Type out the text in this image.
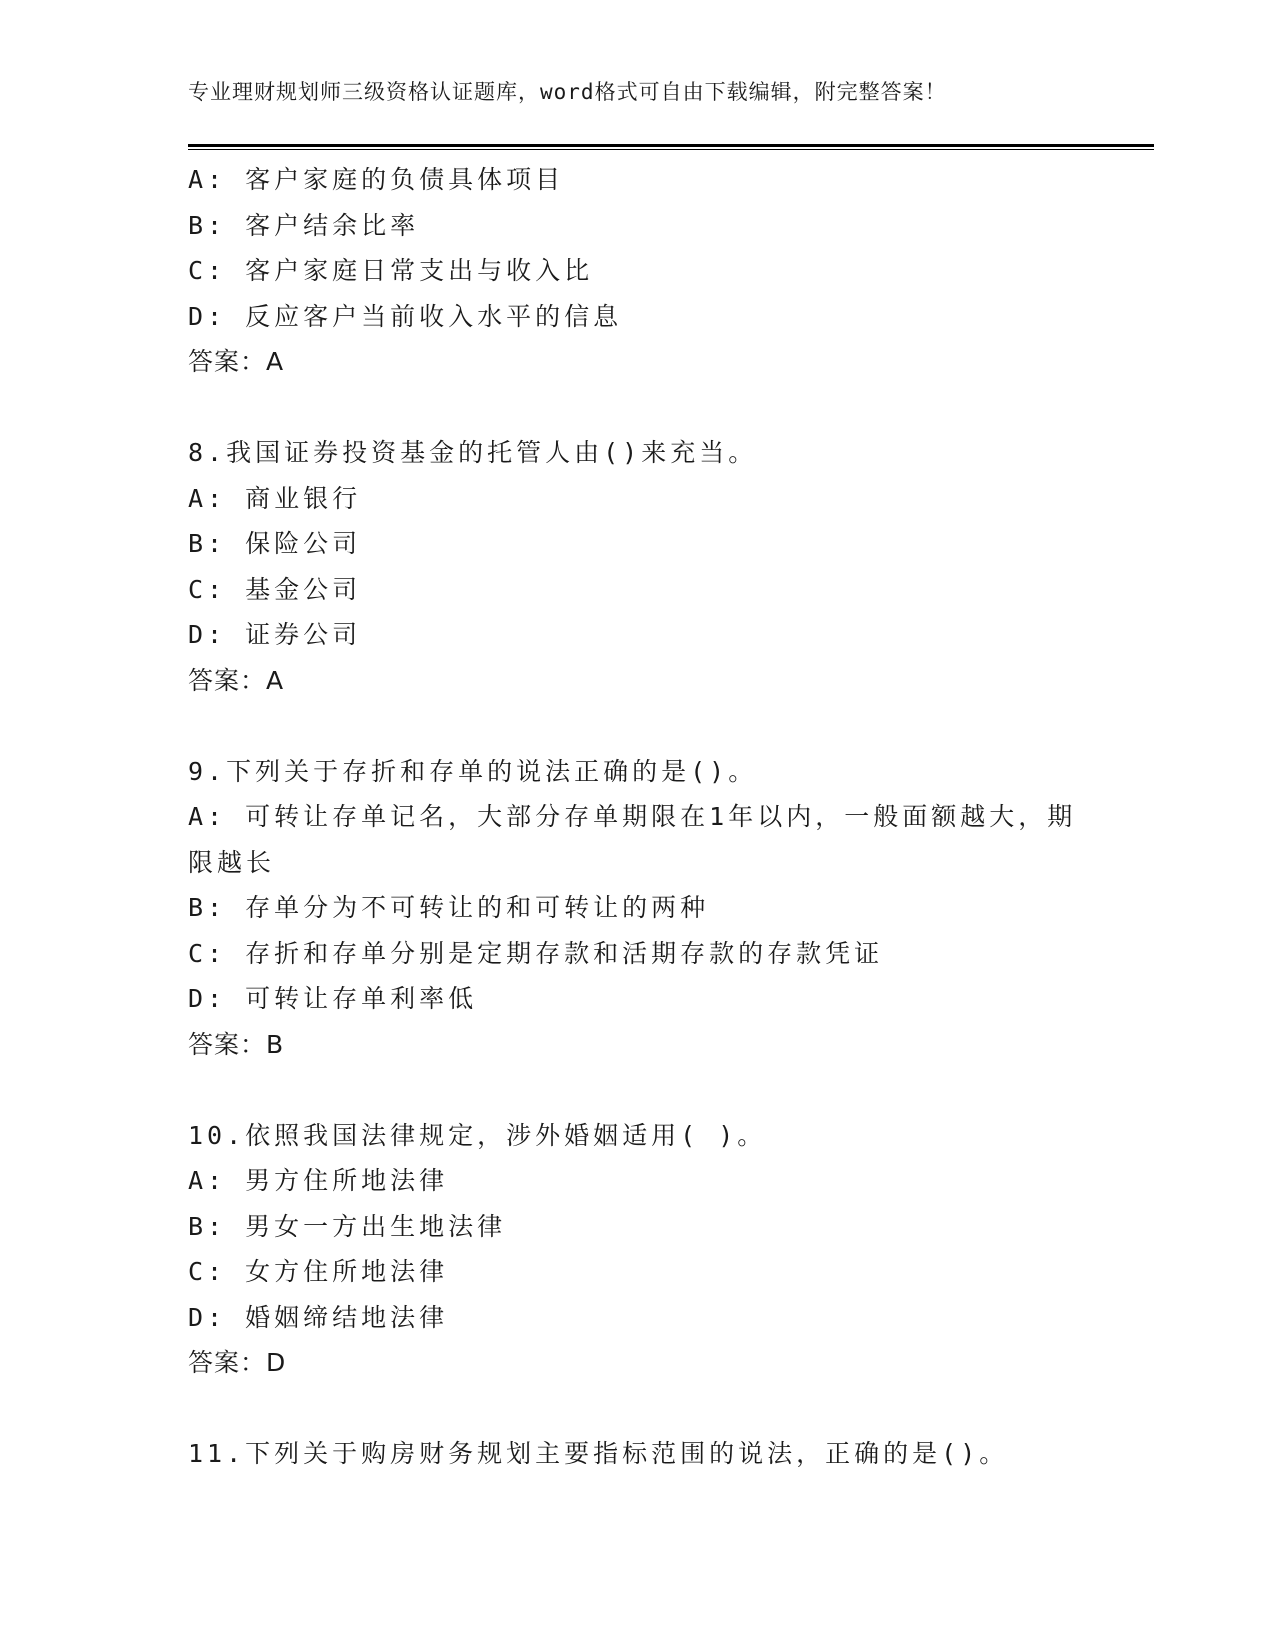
专业理财规划师三级资格认证题库，word格式可自由下载编辑，附完整答案！
A: 客户家庭的负债具体项目
B: 客户结余比率
C: 客户家庭日常支出与收入比
D: 反应客户当前收入水平的信息
答案：A
8.我国证券投资基金的托管人由()来充当。
A: 商业银行
B: 保险公司
C: 基金公司
D: 证券公司
答案：A
9.下列关于存折和存单的说法正确的是()。
A: 可转让存单记名，大部分存单期限在1年以内，一般面额越大，期限越长
B: 存单分为不可转让的和可转让的两种
C: 存折和存单分别是定期存款和活期存款的存款凭证
D: 可转让存单利率低
答案：B
10.依照我国法律规定，涉外婚姻适用( )。
A: 男方住所地法律
B: 男女一方出生地法律
C: 女方住所地法律
D: 婚姻缔结地法律
答案：D
11.下列关于购房财务规划主要指标范围的说法，正确的是()。
